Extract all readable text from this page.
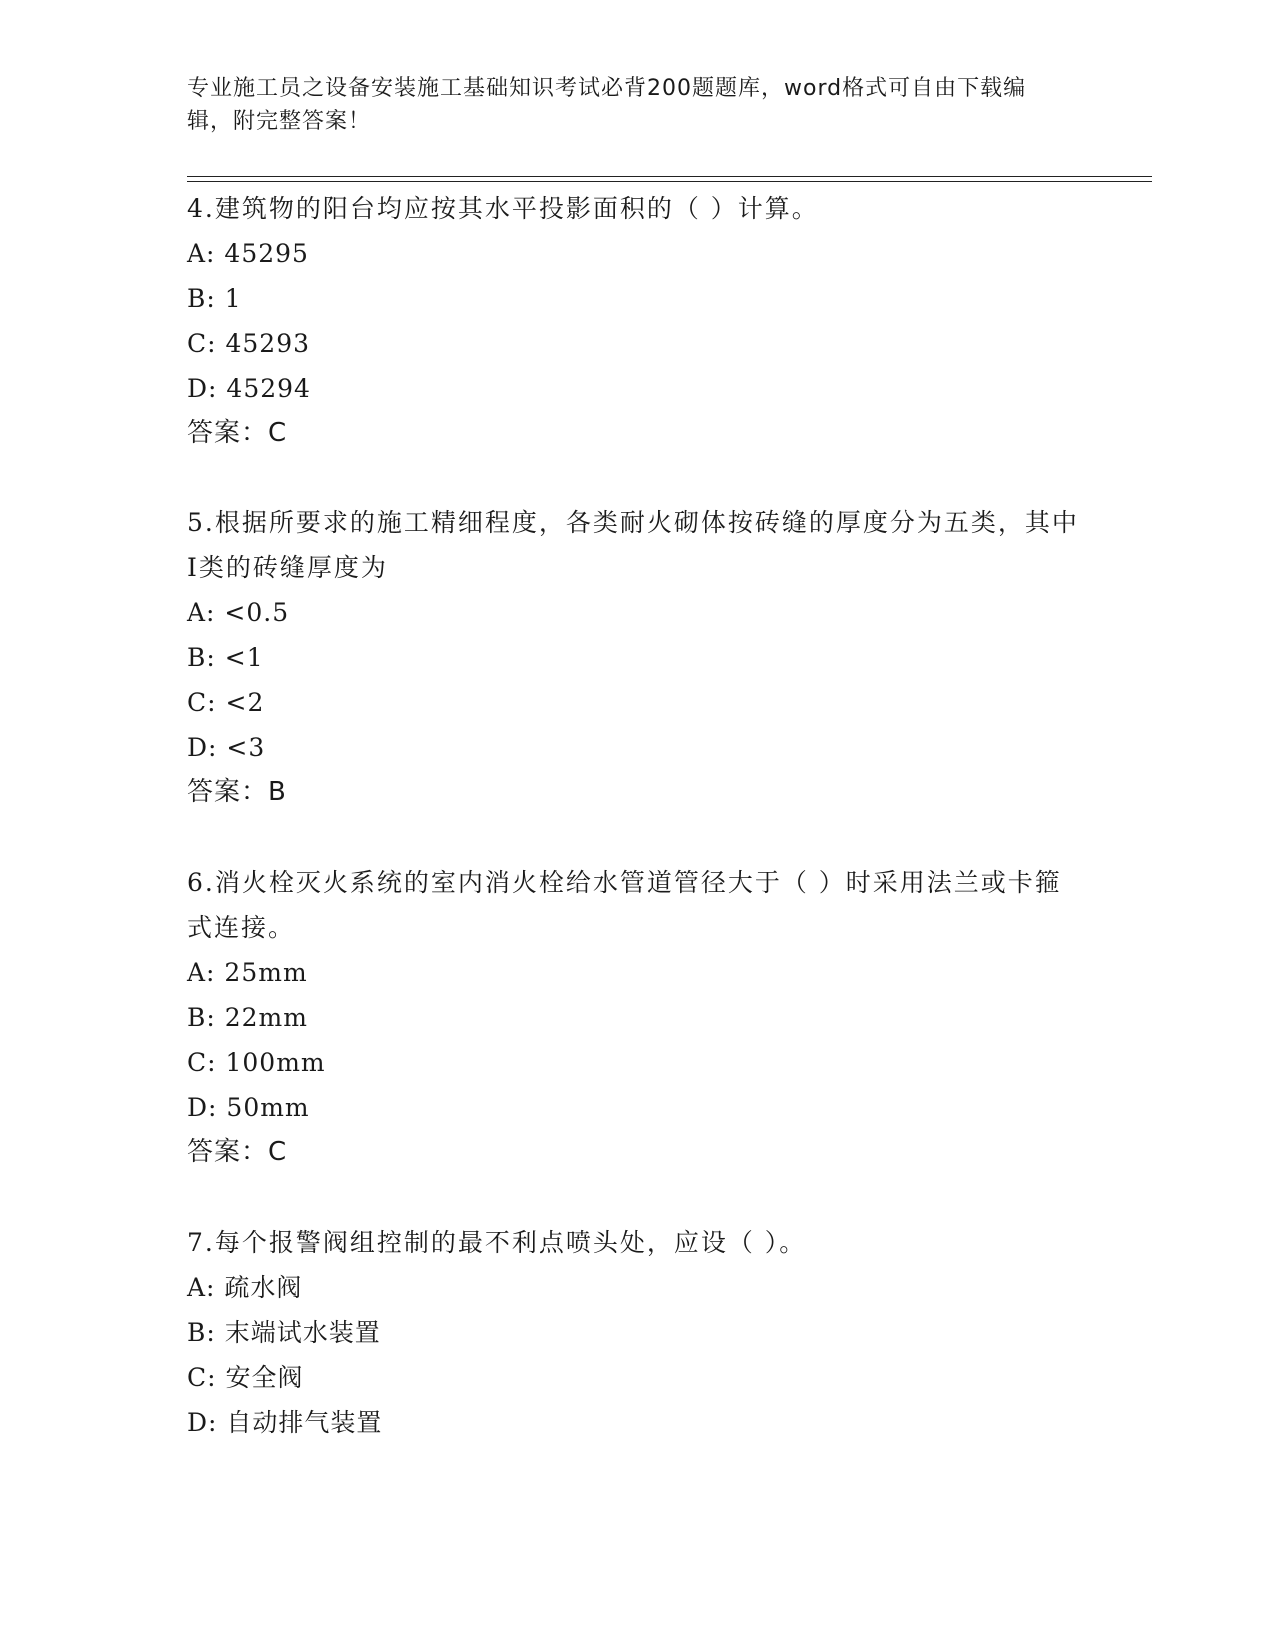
专业施工员之设备安装施工基础知识考试必背200题题库，word格式可自由下载编辑，附完整答案！
4.建筑物的阳台均应按其水平投影面积的（ ）计算。
A: 45295
B: 1
C: 45293
D: 45294
答案：C
5.根据所要求的施工精细程度，各类耐火砌体按砖缝的厚度分为五类，其中I类的砖缝厚度为
A: <0.5
B: <1
C: <2
D: <3
答案：B
6.消火栓灭火系统的室内消火栓给水管道管径大于（ ）时采用法兰或卡箍式连接。
A: 25mm
B: 22mm
C: 100mm
D: 50mm
答案：C
7.每个报警阀组控制的最不利点喷头处，应设（ ）。
A: 疏水阀
B: 末端试水装置
C: 安全阀
D: 自动排气装置
